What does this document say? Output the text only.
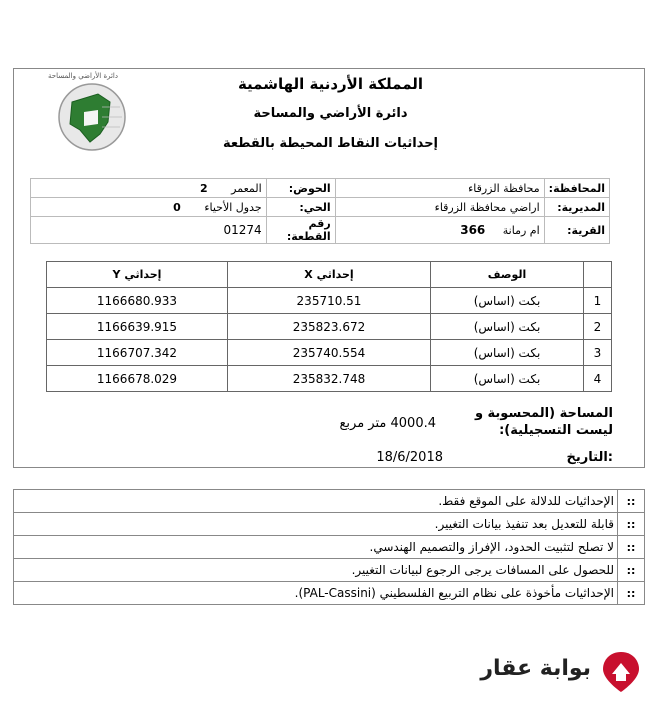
دائرة الأراضي والمساحة	المملكة الأردنية الهاشمية
دائرة الأراضي والمساحة
إحداثيات النقاط المحيطة بالقطعة
المحافظة:	محافظة الزرقاء	الحوض:	المعمر 2
المديرية:	اراضي محافظة الزرقاء	الحي:	جدول الأحياء 0
القرية:	ام رمانة 366	رقم القطعة:	01274
	الوصف	إحداثي X	إحداثي Y
1	بكت (اساس)	235710.51	1166680.933
2	بكت (اساس)	235823.672	1166639.915
3	بكت (اساس)	235740.554	1166707.342
4	بكت (اساس)	235832.748	1166678.029
المساحة (المحسوبة و ليست التسجيلية):
4000.4 متر مربع
التاريخ:
18/6/2018
::	الإحداثيات للدلالة على الموقع فقط.
::	قابلة للتعديل بعد تنفيذ بيانات التغيير.
::	لا تصلح لتثبيت الحدود، الإفراز والتصميم الهندسي.
::	للحصول على المسافات يرجى الرجوع لبيانات التغيير.
::	الإحداثيات مأخوذة على نظام التربيع الفلسطيني (PAL-Cassini).
بوابة عقار
